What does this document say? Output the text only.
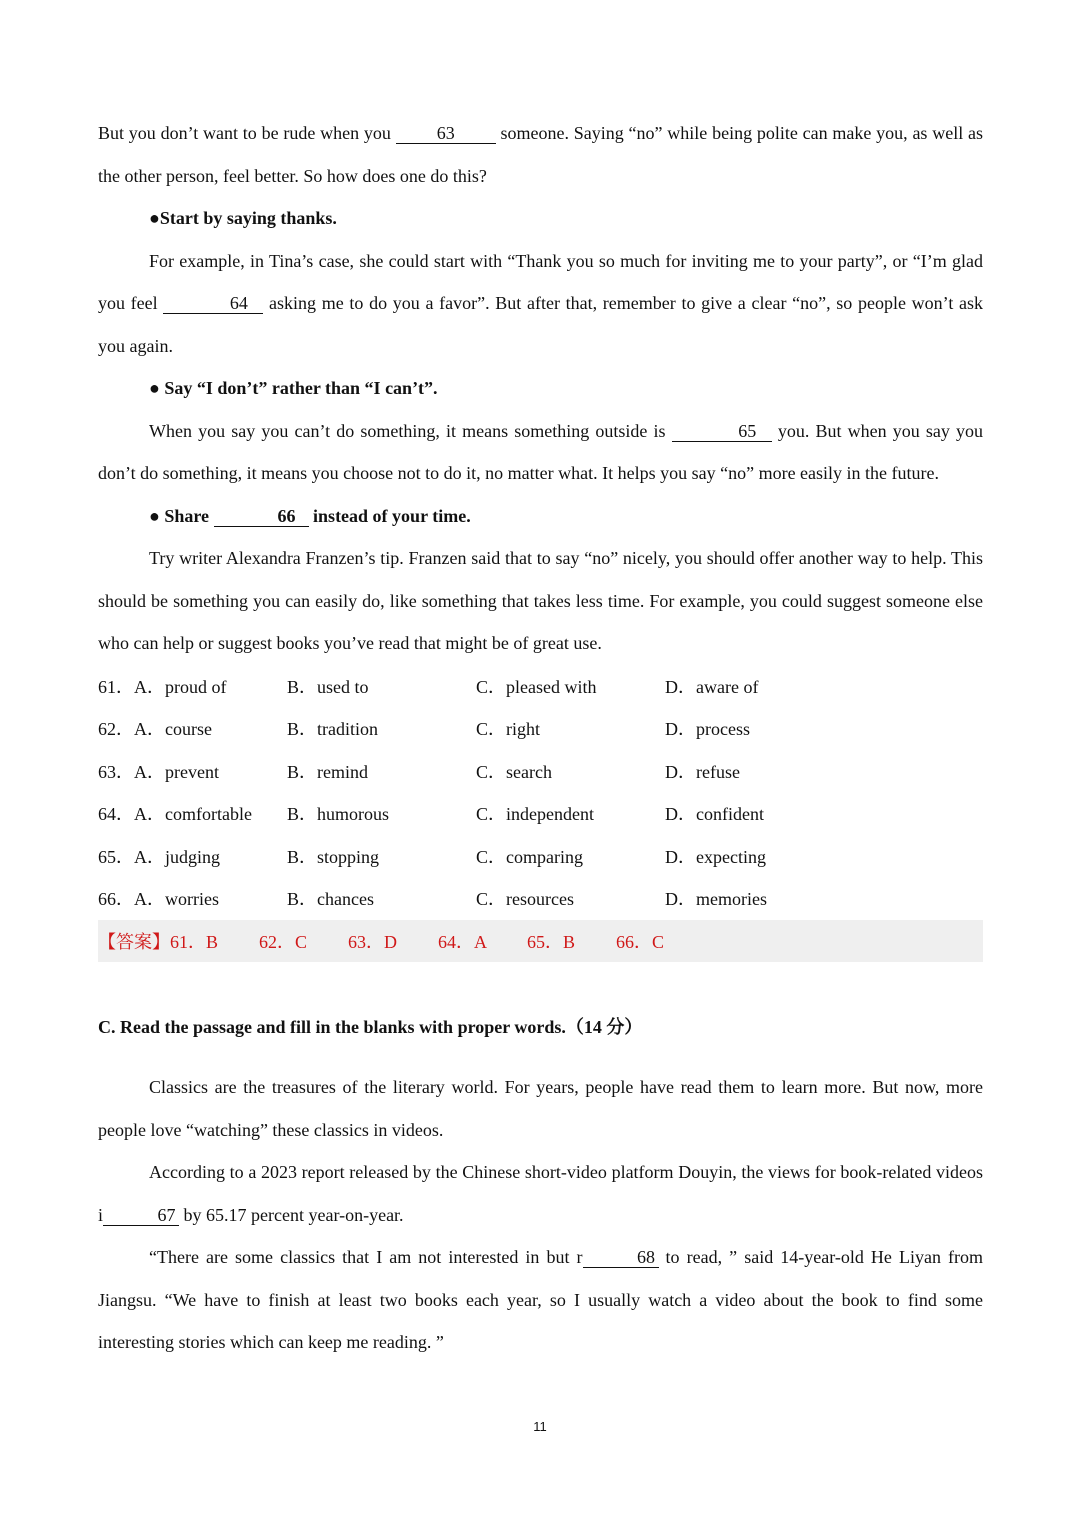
But you don’t want to be rude when you 63 someone. Saying “no” while being polite can make you, as well as the other person, feel better. So how does one do this?

●Start by saying thanks.

For example, in Tina’s case, she could start with “Thank you so much for inviting me to your party”, or “I’m glad you feel	64 asking me to do you a favor”. But after that, remember to give a clear “no”, so people won’t ask you again.

● Say “I don’t” rather than “I can’t”.

When you say you can’t do something, it means something outside is	65 you. But when you say you don’t do something, it means you choose not to do it, no matter what. It helps you say “no” more easily in the future.

● Share	66 instead of your time.

Try writer Alexandra Franzen’s tip. Franzen said that to say “no” nicely, you should offer another way to help. This should be something you can easily do, like something that takes less time. For example, you could suggest someone else who can help or suggest books you’ve read that might be of great use.

61．A．proud of	B．used to	C．pleased with	D．aware of
62．A．course	B．tradition	C．right	D．process
63．A．prevent	B．remind	C．search	D．refuse
64．A．comfortable	B．humorous	C．independent	D．confident
65．A．judging	B．stopping	C．comparing	D．expecting
66．A．worries	B．chances	C．resources	D．memories
【答案】 61．B	62．C	63．D	64．A	65．B	66．C

C. Read the passage and fill in the blanks with proper words.（14 分）

Classics are the treasures of the literary world. For years, people have read them to learn more. But now, more people love “watching” these classics in videos.

According to a 2023 report released by the Chinese short-video platform Douyin, the views for book-related videos i	67 by 65.17 percent year-on-year.

“There are some classics that I am not interested in but r	68 to read, ” said 14-year-old He Liyan from Jiangsu. “We have to finish at least two books each year, so I usually watch a video about the book to find some interesting stories which can keep me reading. ”

11
